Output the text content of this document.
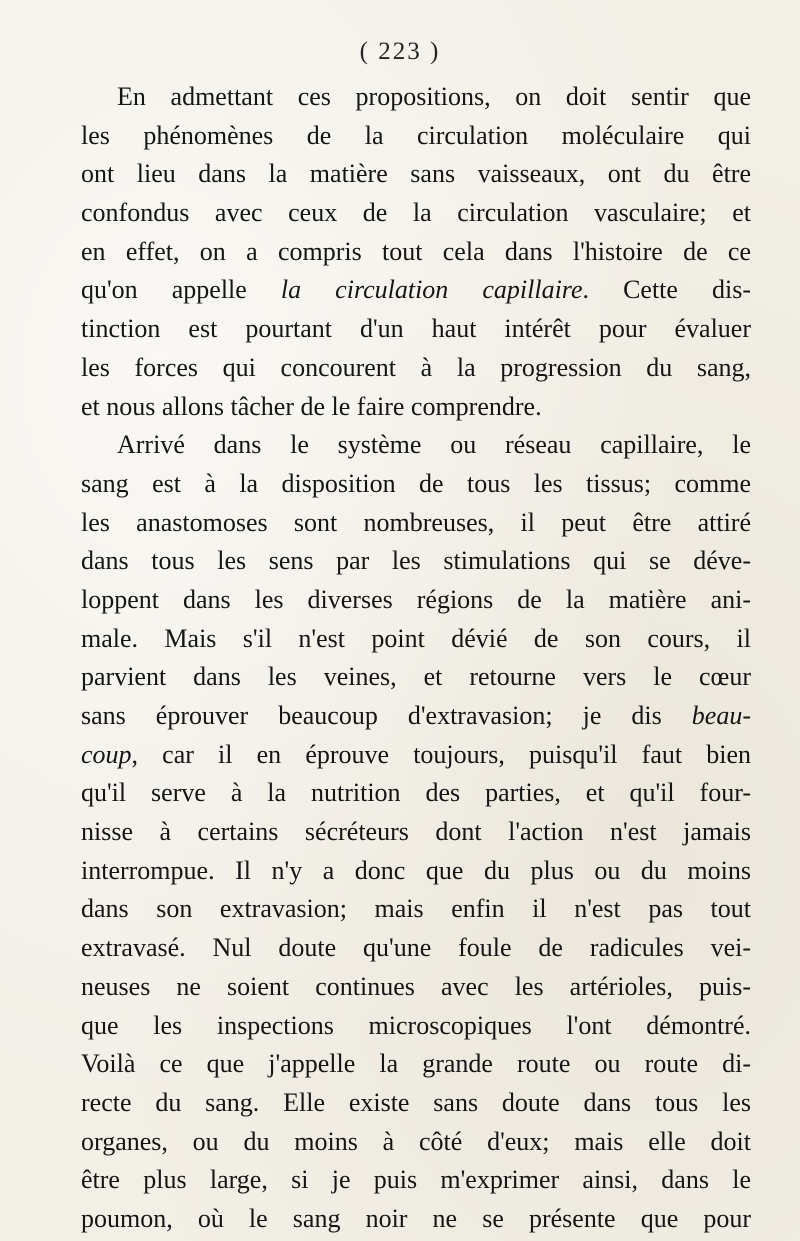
( 223 )
En admettant ces propositions, on doit sentir que
les phénomènes de la circulation moléculaire qui
ont lieu dans la matière sans vaisseaux, ont du être
confondus avec ceux de la circulation vasculaire; et
en effet, on a compris tout cela dans l'histoire de ce
qu'on appelle la circulation capillaire. Cette dis-
tinction est pourtant d'un haut intérêt pour évaluer
les forces qui concourent à la progression du sang,
et nous allons tâcher de le faire comprendre.
Arrivé dans le système ou réseau capillaire, le
sang est à la disposition de tous les tissus; comme
les anastomoses sont nombreuses, il peut être attiré
dans tous les sens par les stimulations qui se déve-
loppent dans les diverses régions de la matière ani-
male. Mais s'il n'est point dévié de son cours, il
parvient dans les veines, et retourne vers le cœur
sans éprouver beaucoup d'extravasion; je dis beau-
coup, car il en éprouve toujours, puisqu'il faut bien
qu'il serve à la nutrition des parties, et qu'il four-
nisse à certains sécréteurs dont l'action n'est jamais
interrompue. Il n'y a donc que du plus ou du moins
dans son extravasion; mais enfin il n'est pas tout
extravasé. Nul doute qu'une foule de radicules vei-
neuses ne soient continues avec les artérioles, puis-
que les inspections microscopiques l'ont démontré.
Voilà ce que j'appelle la grande route ou route di-
recte du sang. Elle existe sans doute dans tous les
organes, ou du moins à côté d'eux; mais elle doit
être plus large, si je puis m'exprimer ainsi, dans le
poumon, où le sang noir ne se présente que pour
